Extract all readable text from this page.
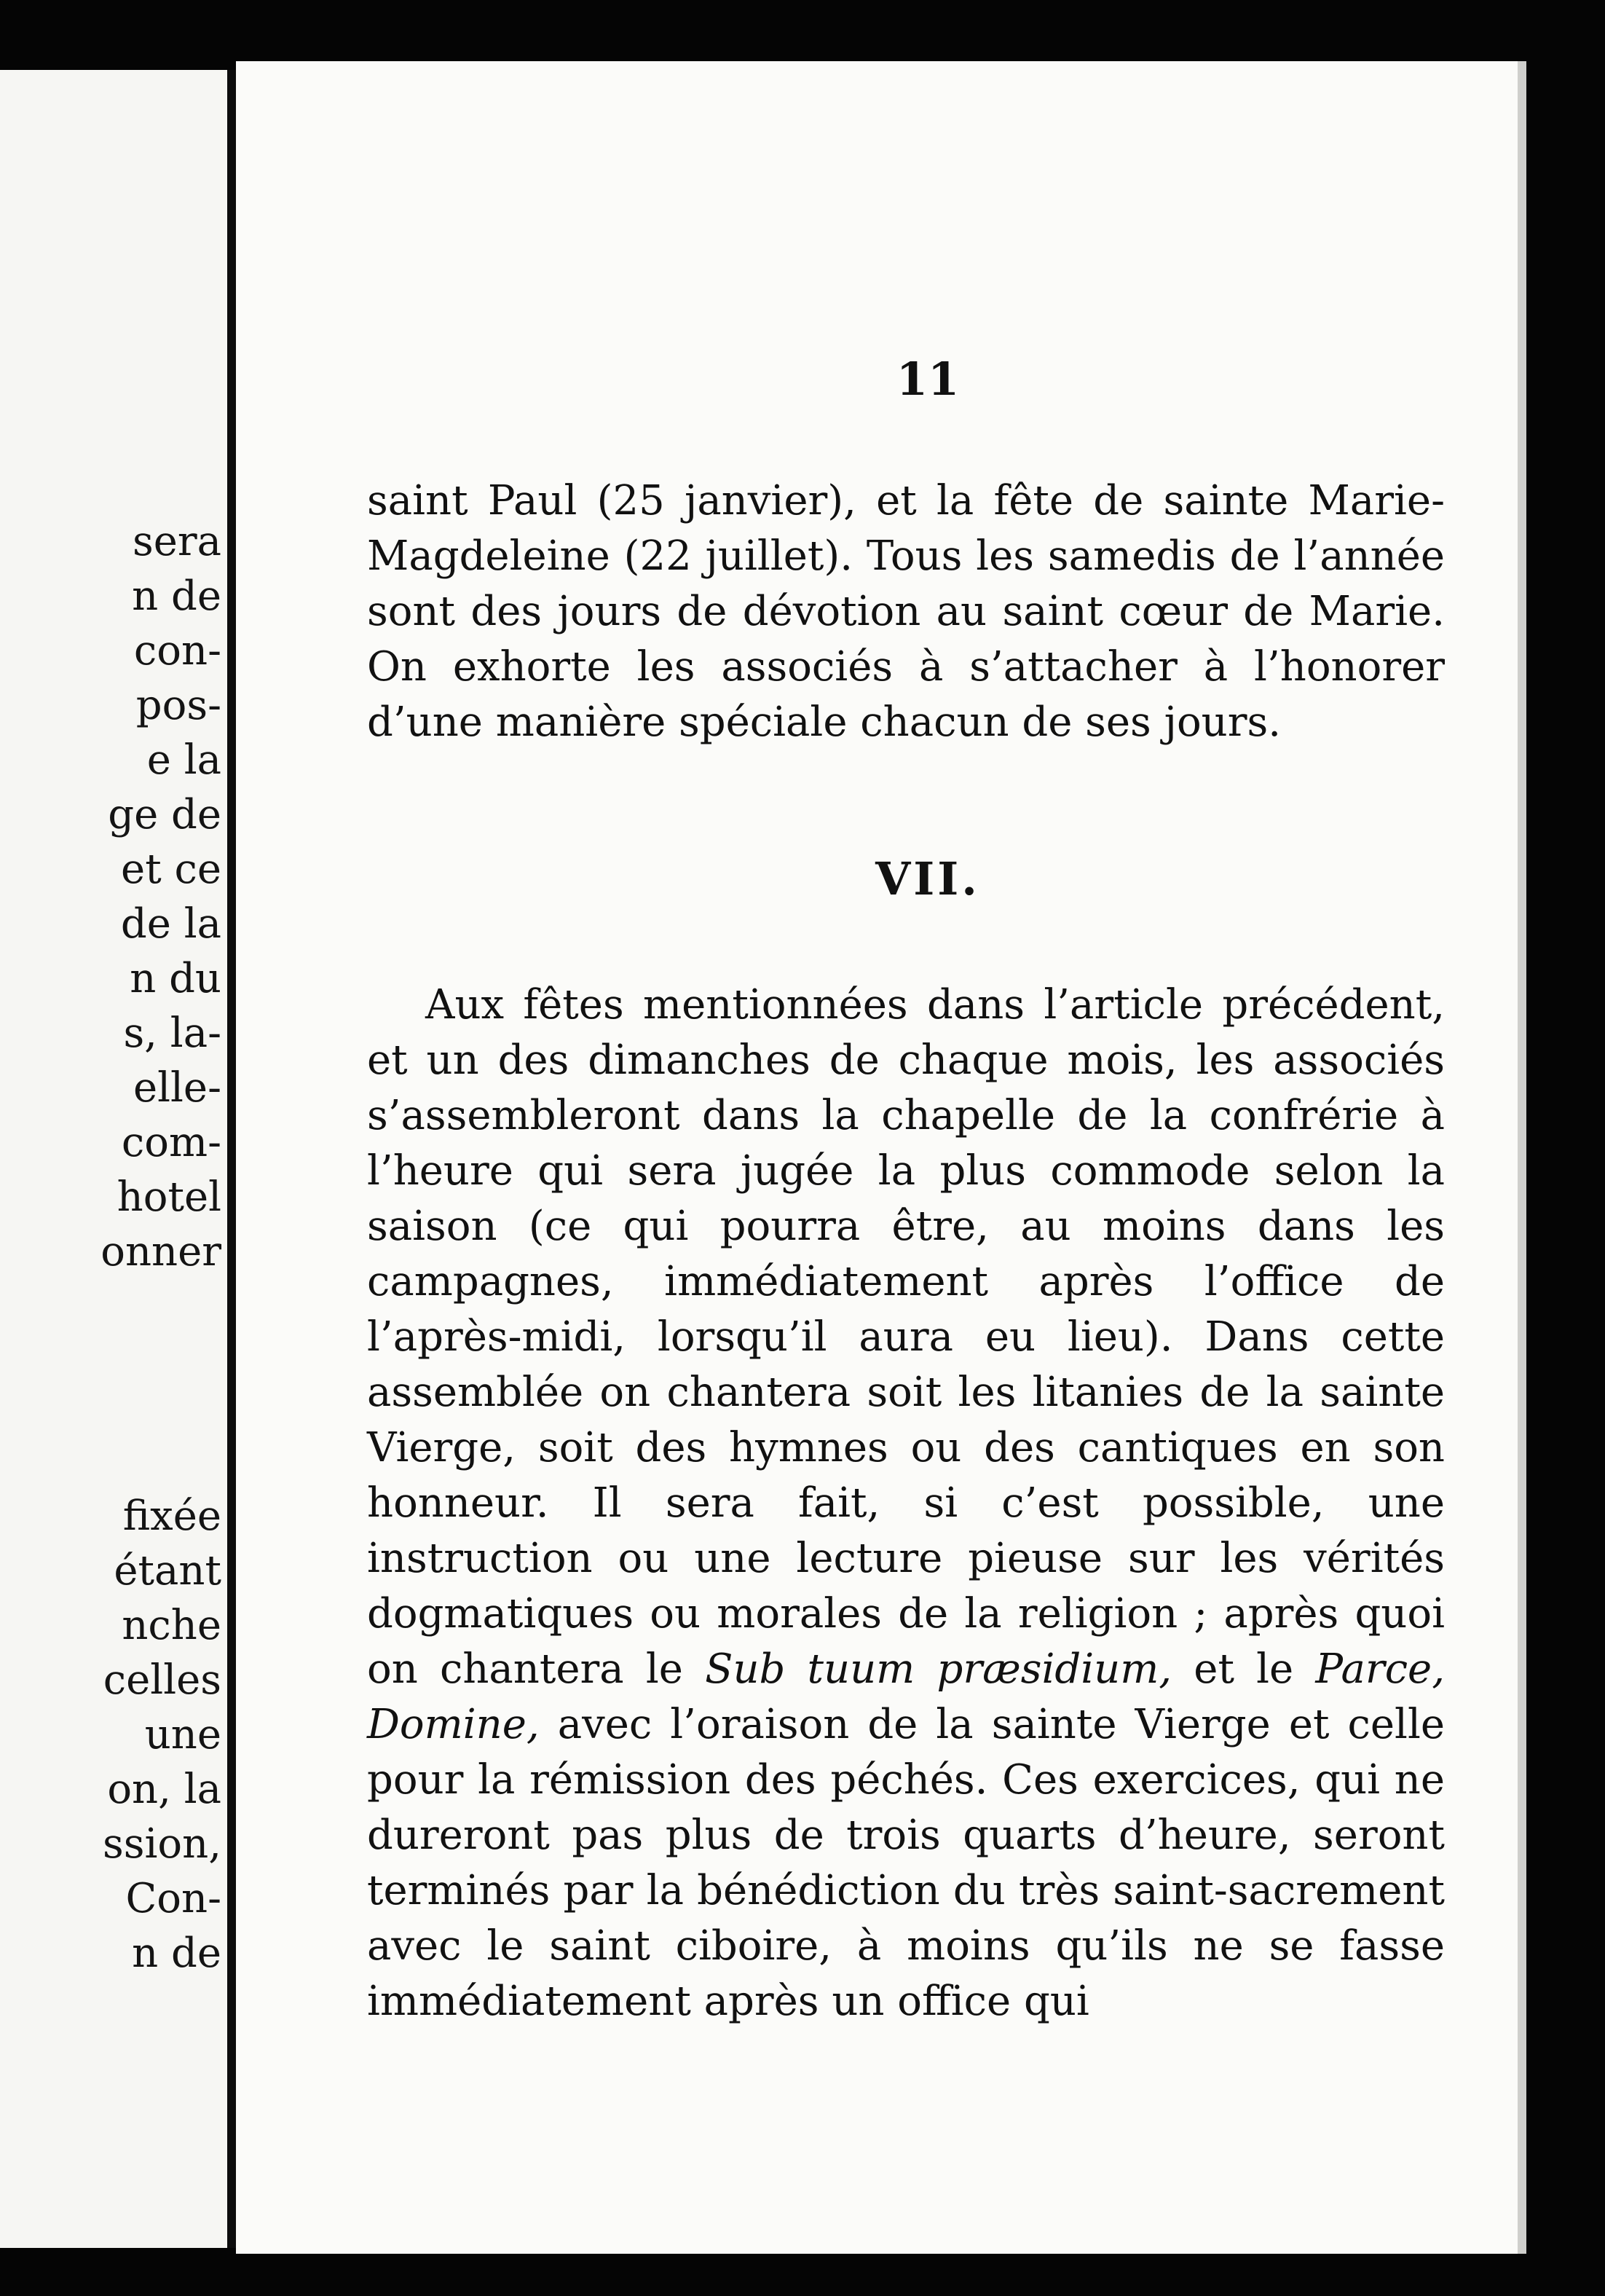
sera
n de
con-
pos-
e la
ge de
et ce
de la
n du
s, la-
elle-
com-
hotel
onner
fixée
étant
nche
celles
une
on, la
ssion,
Con-
n de
11
saint Paul (25 janvier), et la fête de sainte Marie-Magdeleine (22 juillet). Tous les samedis de l’année sont des jours de dévotion au saint cœur de Marie. On exhorte les associés à s’attacher à l’honorer d’une manière spéciale chacun de ses jours.
VII.
Aux fêtes mentionnées dans l’article précédent, et un des dimanches de chaque mois, les associés s’assembleront dans la chapelle de la confrérie à l’heure qui sera jugée la plus commode selon la saison (ce qui pourra être, au moins dans les campagnes, immédiatement après l’office de l’après-midi, lorsqu’il aura eu lieu). Dans cette assemblée on chantera soit les litanies de la sainte Vierge, soit des hymnes ou des cantiques en son honneur. Il sera fait, si c’est possible, une instruction ou une lecture pieuse sur les vérités dogmatiques ou morales de la religion ; après quoi on chantera le Sub tuum præsidium, et le Parce, Domine, avec l’oraison de la sainte Vierge et celle pour la rémission des péchés. Ces exercices, qui ne dureront pas plus de trois quarts d’heure, seront terminés par la bénédiction du très saint-sacrement avec le saint ciboire, à moins qu’ils ne se fasse immédiatement après un office qui
